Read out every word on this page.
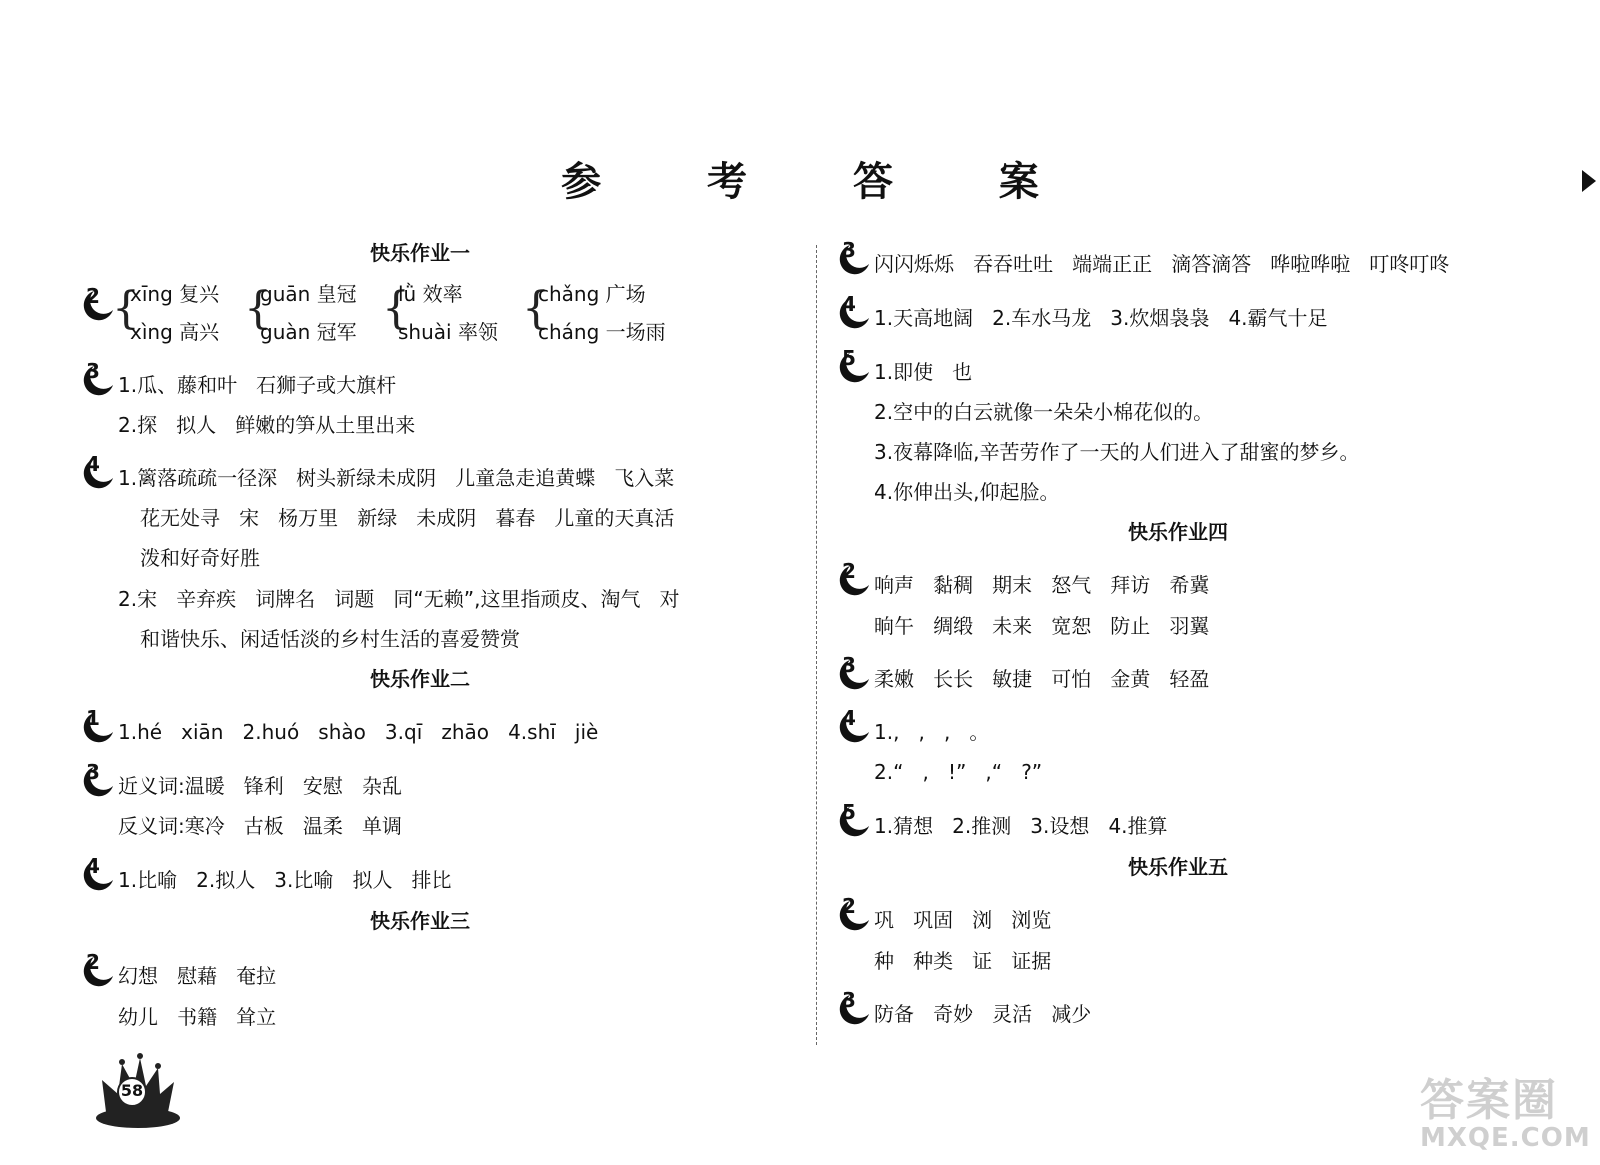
参 考 答 案
快乐作业一
2 {
xīng 复兴
xìng 高兴 {
guān 皇冠
guàn 冠军 {
lǜ 效率
shuài 率领 {
chǎng 广场
cháng 一场雨
3
1.瓜、藤和叶   石狮子或大旗杆
2.探   拟人   鲜嫩的笋从土里出来
4
1.篱落疏疏一径深   树头新绿未成阴   儿童急走追黄蝶   飞入菜
花无处寻   宋   杨万里   新绿   未成阴   暮春   儿童的天真活
泼和好奇好胜
2.宋   辛弃疾   词牌名   词题   同“无赖”,这里指顽皮、淘气   对
和谐快乐、闲适恬淡的乡村生活的喜爱赞赏
快乐作业二
1
1.hé   xiān   2.huó   shào   3.qī   zhāo   4.shī   jiè
3
近义词:温暖   锋利   安慰   杂乱
反义词:寒冷   古板   温柔   单调
4
1.比喻   2.拟人   3.比喻   拟人   排比
快乐作业三
2
幻想   慰藉   奄拉
幼儿   书籍   耸立
3
闪闪烁烁   吞吞吐吐   端端正正   滴答滴答   哗啦哗啦   叮咚叮咚
4
1.天高地阔   2.车水马龙   3.炊烟袅袅   4.霸气十足
5
1.即使   也
2.空中的白云就像一朵朵小棉花似的。
3.夜幕降临,辛苦劳作了一天的人们进入了甜蜜的梦乡。
4.你伸出头,仰起脸。
快乐作业四
2
响声   黏稠   期末   怒气   拜访   希冀
晌午   绸缎   未来   宽恕   防止   羽翼
3
柔嫩   长长   敏捷   可怕   金黄   轻盈
4
1.,   ,   ,   。
2.“   ,   !”   ,“   ?”
5
1.猜想   2.推测   3.设想   4.推算
快乐作业五
2
巩   巩固   浏   浏览
种   种类   证   证据
3
防备   奇妙   灵活   减少
58	答案圈
MXQE.COM
